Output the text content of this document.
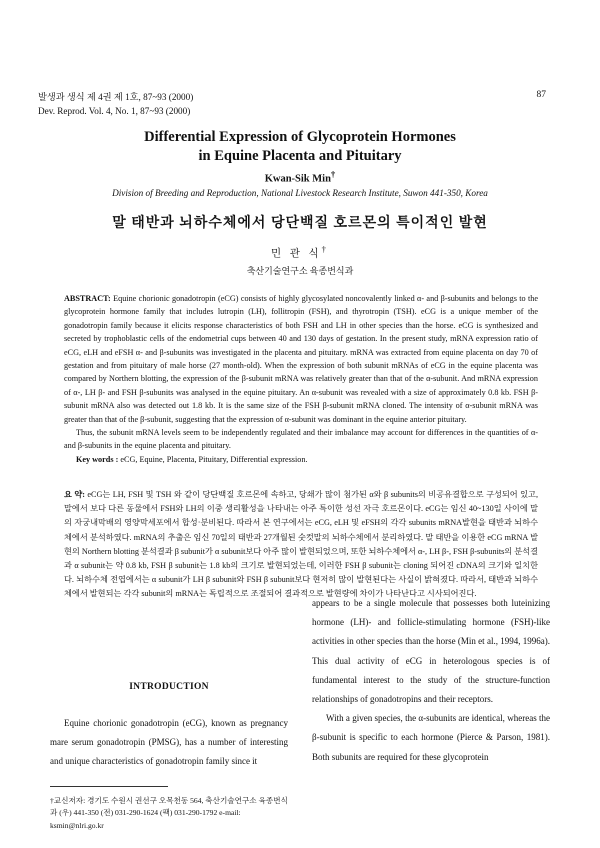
발생과 생식 제 4권 제 1호, 87~93 (2000)
Dev. Reprod. Vol. 4, No. 1, 87~93 (2000)
87
Differential Expression of Glycoprotein Hormones
in Equine Placenta and Pituitary
Kwan-Sik Min†
Division of Breeding and Reproduction, National Livestock Research Institute, Suwon 441-350, Korea
말 태반과 뇌하수체에서 당단백질 호르몬의 특이적인 발현
민 관 식†
축산기술연구소 육종번식과

ABSTRACT: Equine chorionic gonadotropin (eCG) consists of highly glycosylated noncovalently linked α- and β-subunits and belongs to the glycoprotein hormone family that includes lutropin (LH), follitropin (FSH), and thyrotropin (TSH). eCG is a unique member of the gonadotropin family because it elicits response characteristics of both FSH and LH in other species than the horse. eCG is synthesized and secreted by trophoblastic cells of the endometrial cups between 40 and 130 days of gestation. In the present study, mRNA expression ratio of eCG, eLH and eFSH α- and β-subunits was investigated in the placenta and pituitary. mRNA was extracted from equine placenta on day 70 of gestation and from pituitary of male horse (27 month-old). When the expression of both subunit mRNAs of eCG in the equine placenta was compared by Northern blotting, the expression of the β-subunit mRNA was relatively greater than that of the α-subunit. And mRNA expression of α-, LH β- and FSH β-subunits was analysed in the equine pituitary. An α-subunit was revealed with a size of approximately 0.8 kb. FSH β-subunit mRNA also was detected out 1.8 kb. It is the same size of the FSH β-subunit mRNA cloned. The intensity of α-subunit mRNA was greater than that of the β-subunit, suggesting that the expression of α-subunit was dominant in the equine anterior pituitary.

Thus, the subunit mRNA levels seem to be independently regulated and their imbalance may account for differences in the quantities of α- and β-subunits in the equine placenta and pituitary.

Key words : eCG, Equine, Placenta, Pituitary, Differential expression.

요 약: eCG는 LH, FSH 및 TSH 와 같이 당단백질 호르몬에 속하고, 당쇄가 많이 첨가된 α와 β subunits의 비공유결합으로 구성되어 있고, 말에서 보다 다른 동물에서 FSH와 LH의 이중 생리활성을 나타내는 아주 특이한 성선 자극 호르몬이다. eCG는 임신 40~130일 사이에 말의 자궁내막배의 영양막세포에서 합성·분비된다. 따라서 본 연구에서는 eCG, eLH 및 eFSH의 각각 subunits mRNA발현을 태반과 뇌하수체에서 분석하였다. mRNA의 추출은 임신 70일의 태반과 27개월된 숫컷말의 뇌하수체에서 분리하였다. 말 태반을 이용한 eCG mRNA 발현의 Northern blotting 분석결과 β subunit가 α subunit보다 아주 많이 발현되었으며, 또한 뇌하수체에서 α-, LH β-, FSH β-subunits의 분석결과 α subunit는 약 0.8 kb, FSH β subunit는 1.8 kb의 크기로 발현되었는데, 이러한 FSH β subunit는 cloning 되어진 cDNA의 크기와 일치한다. 뇌하수체 전엽에서는 α subunit가 LH β subunit와 FSH β subunit보다 현저히 많이 발현된다는 사실이 밝혀졌다. 따라서, 태반과 뇌하수체에서 발현되는 각각 subunit의 mRNA는 독립적으로 조절되어 결과적으로 발현량에 차이가 나타난다고 시사되어진다.
INTRODUCTION

Equine chorionic gonadotropin (eCG), known as pregnancy mare serum gonadotropin (PMSG), has a number of interesting and unique characteristics of gonadotropin family since it

†교신저자: 경기도 수원시 권선구 오목천동 564, 축산기술연구소 육종번식과 (우) 441-350 (전) 031-290-1624 (팩) 031-290-1792 e-mail: ksmin@nlri.go.kr

appears to be a single molecule that possesses both luteinizing hormone (LH)- and follicle-stimulating hormone (FSH)-like activities in other species than the horse (Min et al., 1994, 1996a). This dual activity of eCG in heterologous species is of fundamental interest to the study of the structure-function relationships of gonadotropins and their receptors.

With a given species, the α-subunits are identical, whereas the β-subunit is specific to each hormone (Pierce & Parson, 1981). Both subunits are required for these glycoprotein
